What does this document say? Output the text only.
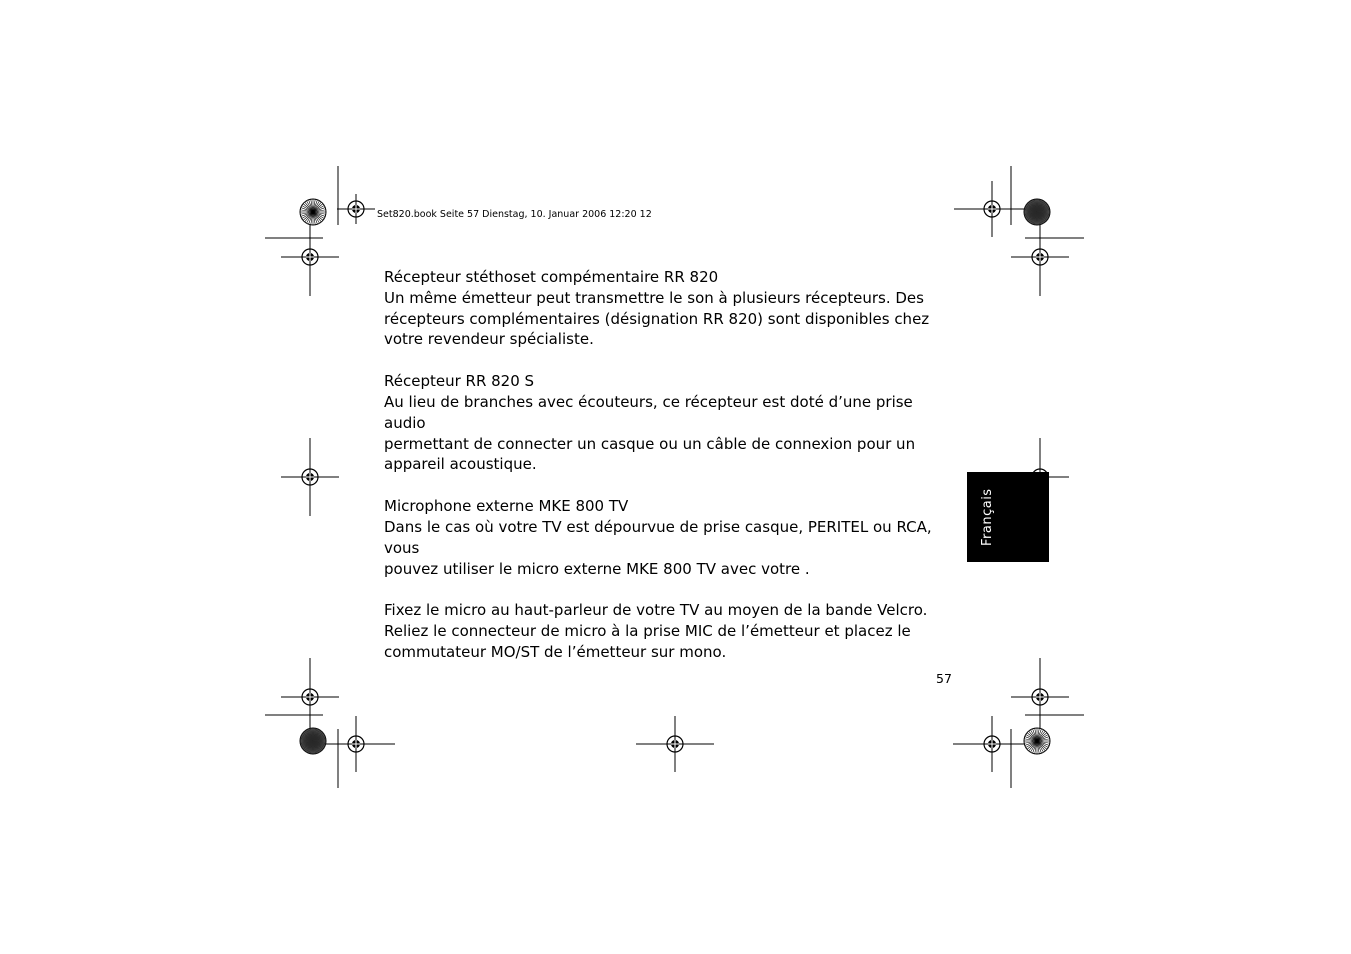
Set820.book Seite 57 Dienstag, 10. Januar 2006 12:20 12

Récepteur stéthoset compémentaire RR 820

Un même émetteur peut transmettre le son à plusieurs récepteurs. Des

récepteurs complémentaires (désignation RR 820) sont disponibles chez

votre revendeur spécialiste.

Récepteur RR 820 S

Au lieu de branches avec écouteurs, ce récepteur est doté d’une prise audio

permettant de connecter un casque ou un câble de connexion pour un

appareil acoustique.

Microphone externe MKE 800 TV

Dans le cas où votre TV est dépourvue de prise casque, PERITEL ou RCA, vous

pouvez utiliser le micro externe MKE 800 TV avec votre .

Fixez le micro au haut-parleur de votre TV au moyen de la bande Velcro.

Reliez le connecteur de micro à la prise MIC de l’émetteur et placez le

commutateur MO/ST de l’émetteur sur mono.

57
Français
